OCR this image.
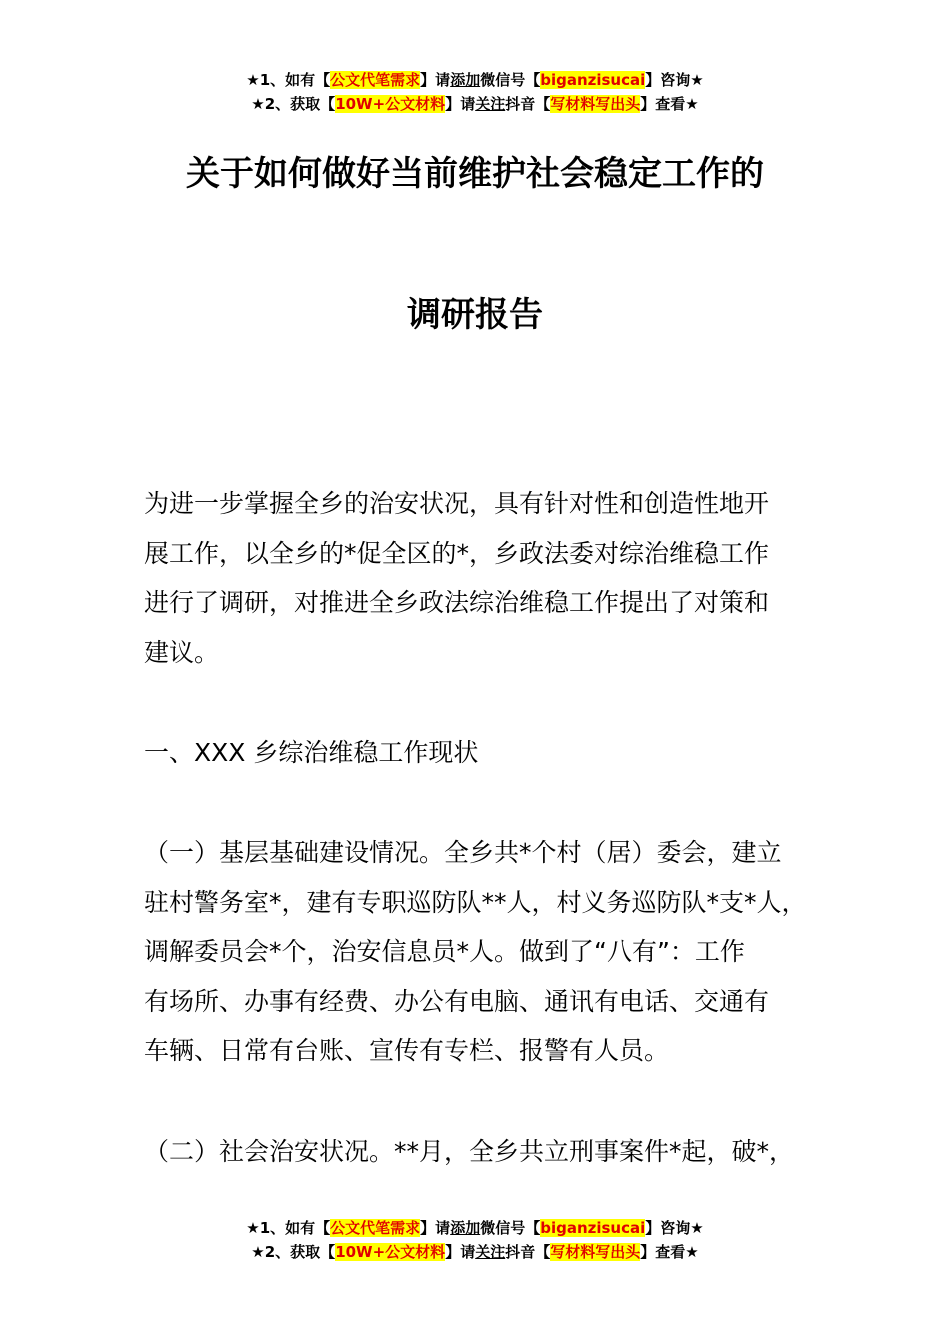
★1、如有【公文代笔需求】请添加微信号【biganzisucai】咨询★
★2、获取【10W+公文材料】请关注抖音【写材料写出头】查看★
关于如何做好当前维护社会稳定工作的
调研报告
为进一步掌握全乡的治安状况，具有针对性和创造性地开
展工作，以全乡的*促全区的*，乡政法委对综治维稳工作
进行了调研，对推进全乡政法综治维稳工作提出了对策和
建议。
一、XXX 乡综治维稳工作现状
（一）基层基础建设情况。全乡共*个村（居）委会，建立
驻村警务室*，建有专职巡防队**人，村义务巡防队*支*人，
调解委员会*个，治安信息员*人。做到了“八有”：工作
有场所、办事有经费、办公有电脑、通讯有电话、交通有
车辆、日常有台账、宣传有专栏、报警有人员。
（二）社会治安状况。**月，全乡共立刑事案件*起，破*，
★1、如有【公文代笔需求】请添加微信号【biganzisucai】咨询★
★2、获取【10W+公文材料】请关注抖音【写材料写出头】查看★
